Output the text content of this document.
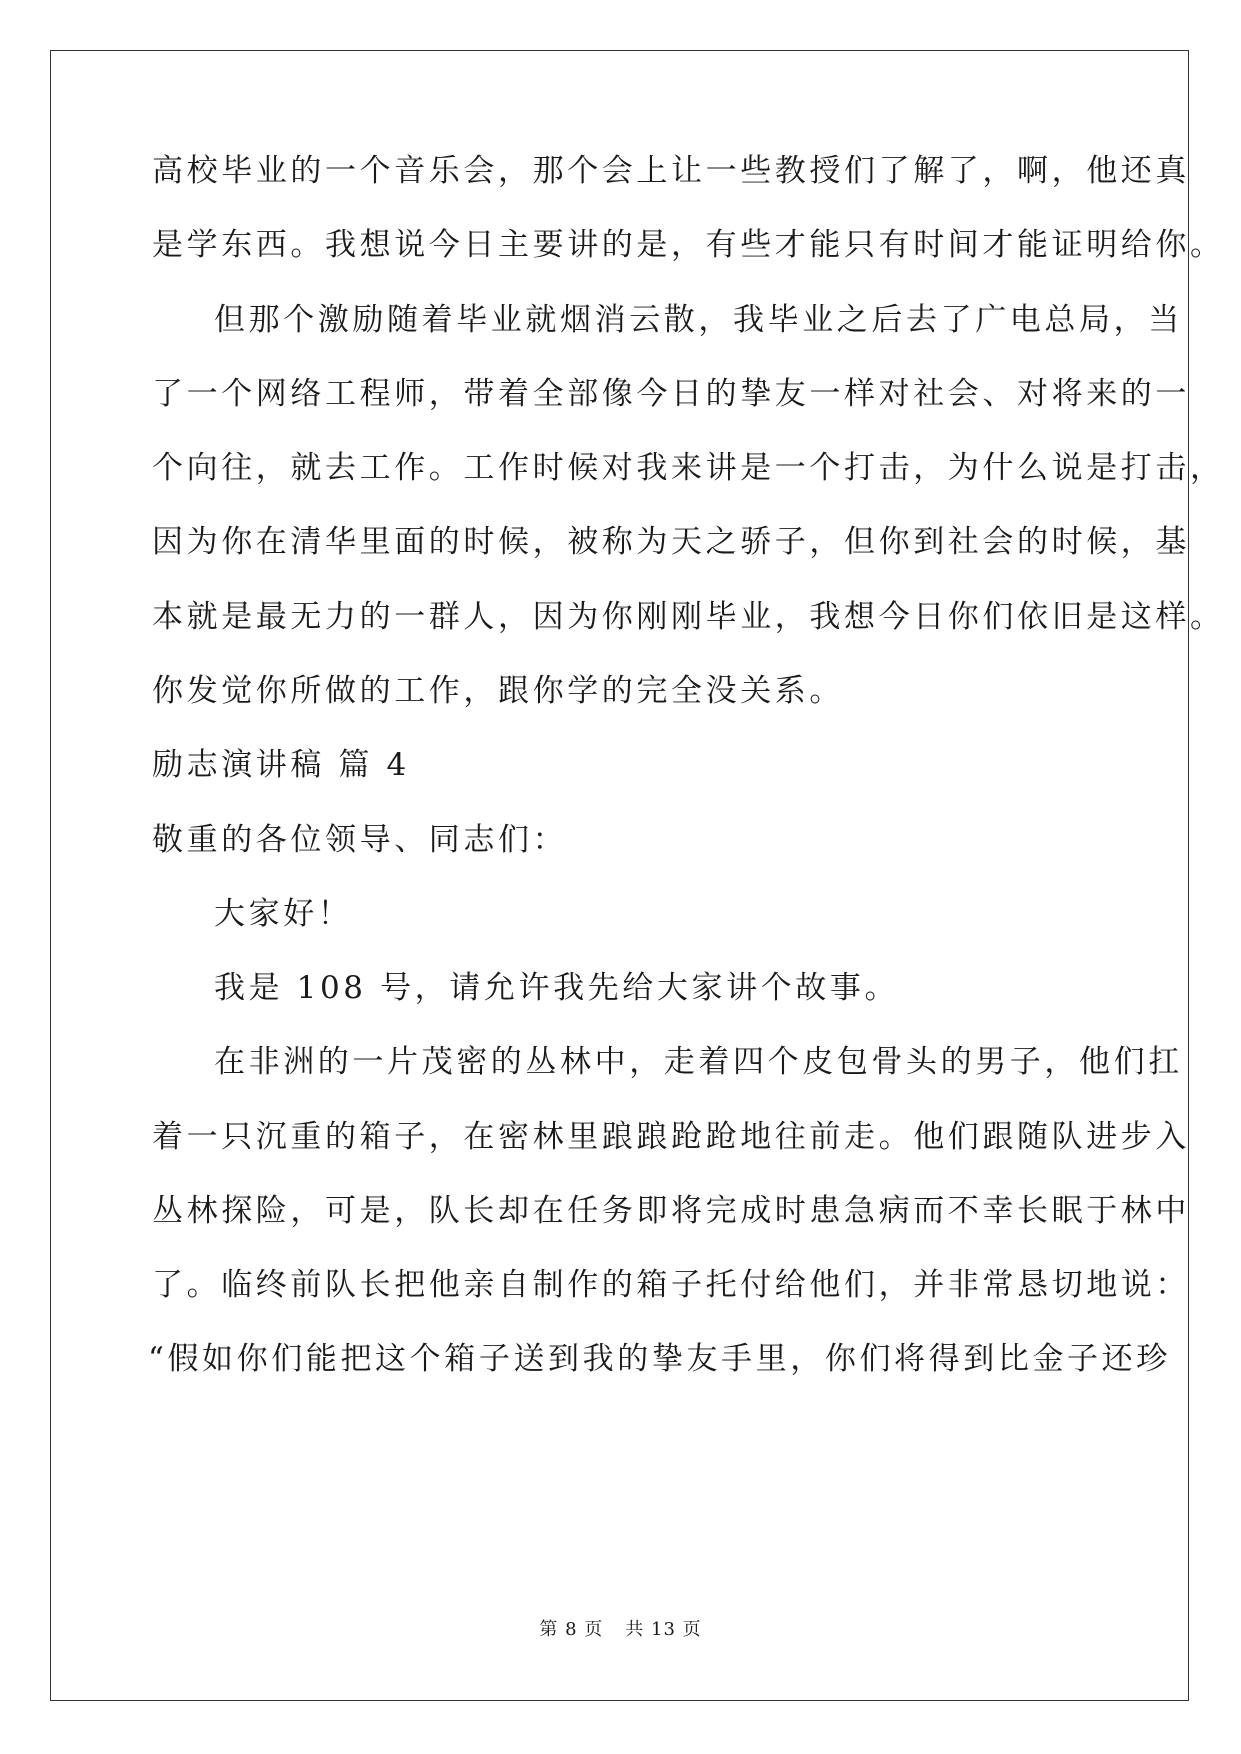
高校毕业的一个音乐会，那个会上让一些教授们了解了，啊，他还真
是学东西。我想说今日主要讲的是，有些才能只有时间才能证明给你。
但那个激励随着毕业就烟消云散，我毕业之后去了广电总局，当
了一个网络工程师，带着全部像今日的挚友一样对社会、对将来的一
个向往，就去工作。工作时候对我来讲是一个打击，为什么说是打击，
因为你在清华里面的时候，被称为天之骄子，但你到社会的时候，基
本就是最无力的一群人，因为你刚刚毕业，我想今日你们依旧是这样。
你发觉你所做的工作，跟你学的完全没关系。
励志演讲稿 篇 4
敬重的各位领导、同志们：
大家好！
我是 108 号，请允许我先给大家讲个故事。
在非洲的一片茂密的丛林中，走着四个皮包骨头的男子，他们扛
着一只沉重的箱子，在密林里踉踉跄跄地往前走。他们跟随队进步入
丛林探险，可是，队长却在任务即将完成时患急病而不幸长眠于林中
了。临终前队长把他亲自制作的箱子托付给他们，并非常恳切地说：
“假如你们能把这个箱子送到我的挚友手里，你们将得到比金子还珍
第 8 页 共 13 页
